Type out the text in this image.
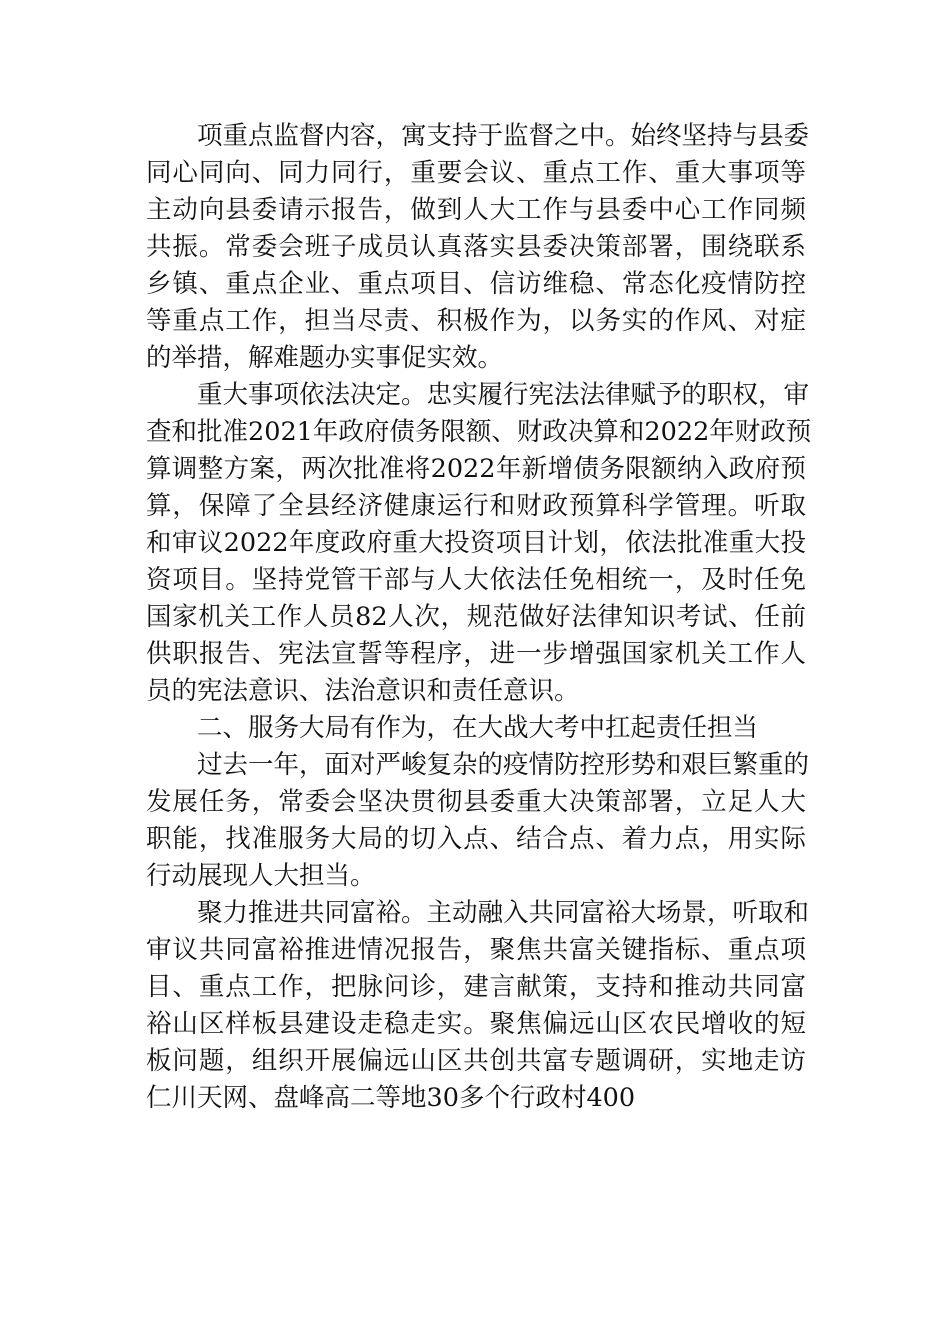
项重点监督内容，寓支持于监督之中。始终坚持与县委
同心同向、同力同行，重要会议、重点工作、重大事项等
主动向县委请示报告，做到人大工作与县委中心工作同频
共振。常委会班子成员认真落实县委决策部署，围绕联系
乡镇、重点企业、重点项目、信访维稳、常态化疫情防控
等重点工作，担当尽责、积极作为，以务实的作风、对症
的举措，解难题办实事促实效。
重大事项依法决定。忠实履行宪法法律赋予的职权，审
查和批准2021年政府债务限额、财政决算和2022年财政预
算调整方案，两次批准将2022年新增债务限额纳入政府预
算，保障了全县经济健康运行和财政预算科学管理。听取
和审议2022年度政府重大投资项目计划，依法批准重大投
资项目。坚持党管干部与人大依法任免相统一，及时任免
国家机关工作人员82人次，规范做好法律知识考试、任前
供职报告、宪法宣誓等程序，进一步增强国家机关工作人
员的宪法意识、法治意识和责任意识。
二、服务大局有作为，在大战大考中扛起责任担当
过去一年，面对严峻复杂的疫情防控形势和艰巨繁重的
发展任务，常委会坚决贯彻县委重大决策部署，立足人大
职能，找准服务大局的切入点、结合点、着力点，用实际
行动展现人大担当。
聚力推进共同富裕。主动融入共同富裕大场景，听取和
审议共同富裕推进情况报告，聚焦共富关键指标、重点项
目、重点工作，把脉问诊，建言献策，支持和推动共同富
裕山区样板县建设走稳走实。聚焦偏远山区农民增收的短
板问题，组织开展偏远山区共创共富专题调研，实地走访
仁川天网、盘峰高二等地30多个行政村400
